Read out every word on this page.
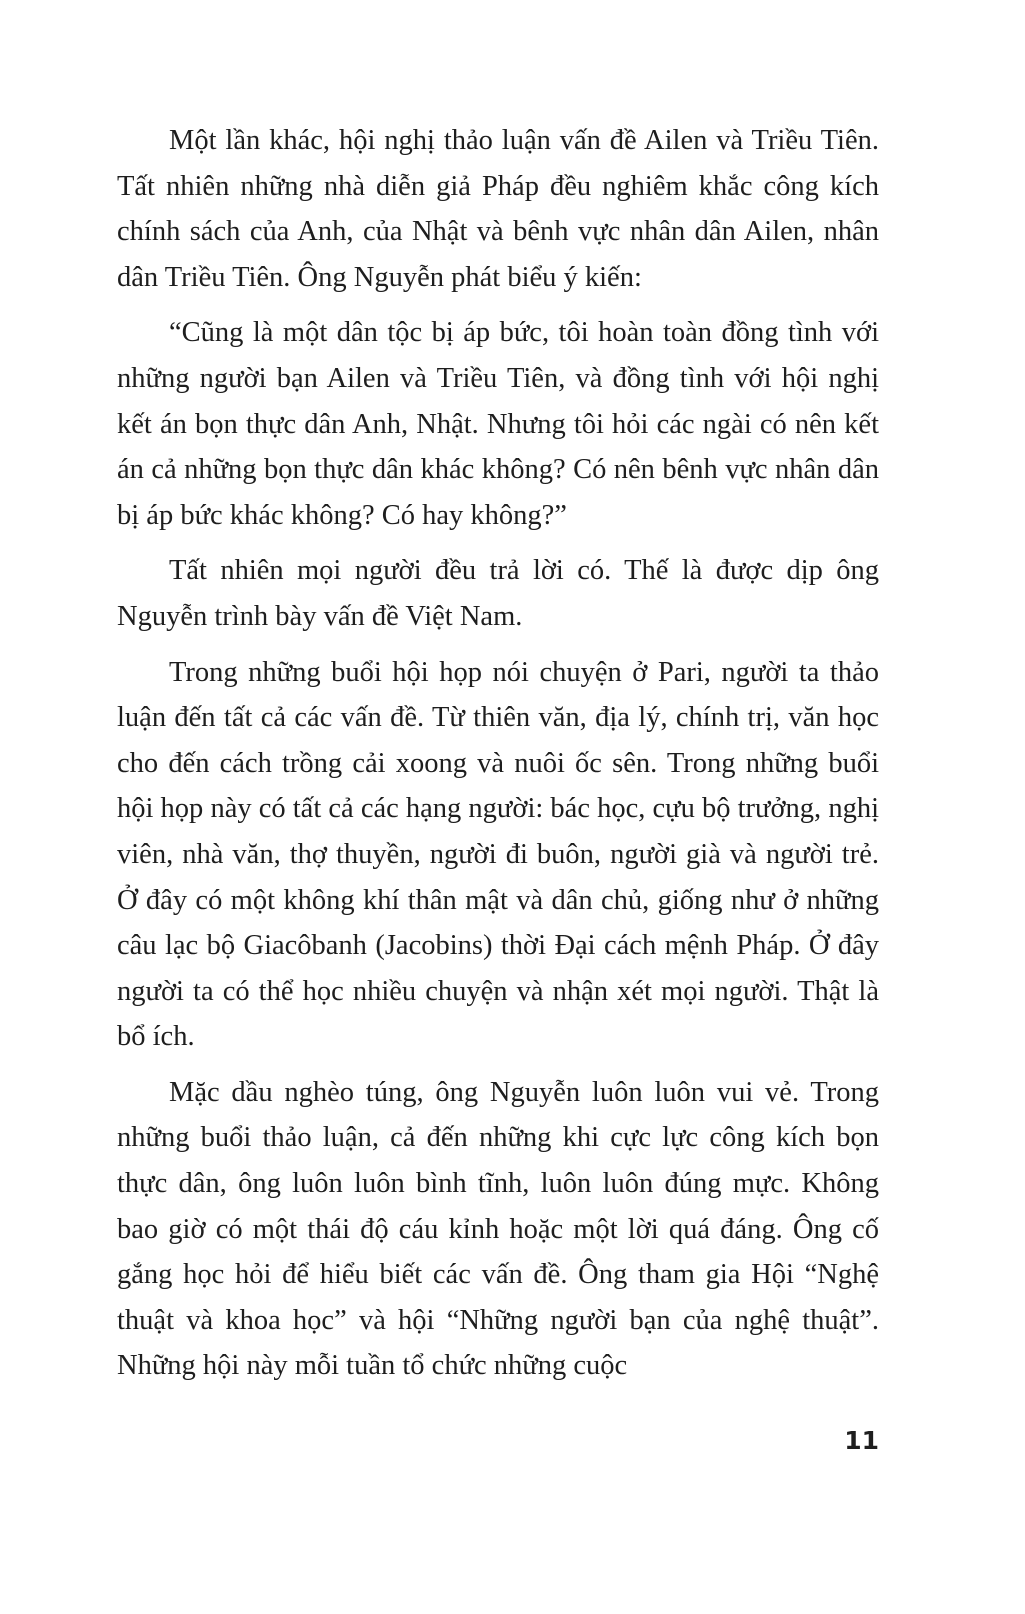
Một lần khác, hội nghị thảo luận vấn đề Ailen và Triều Tiên. Tất nhiên những nhà diễn giả Pháp đều nghiêm khắc công kích chính sách của Anh, của Nhật và bênh vực nhân dân Ailen, nhân dân Triều Tiên. Ông Nguyễn phát biểu ý kiến:

“Cũng là một dân tộc bị áp bức, tôi hoàn toàn đồng tình với những người bạn Ailen và Triều Tiên, và đồng tình với hội nghị kết án bọn thực dân Anh, Nhật. Nhưng tôi hỏi các ngài có nên kết án cả những bọn thực dân khác không? Có nên bênh vực nhân dân bị áp bức khác không? Có hay không?”

Tất nhiên mọi người đều trả lời có. Thế là được dịp ông Nguyễn trình bày vấn đề Việt Nam.

Trong những buổi hội họp nói chuyện ở Pari, người ta thảo luận đến tất cả các vấn đề. Từ thiên văn, địa lý, chính trị, văn học cho đến cách trồng cải xoong và nuôi ốc sên. Trong những buổi hội họp này có tất cả các hạng người: bác học, cựu bộ trưởng, nghị viên, nhà văn, thợ thuyền, người đi buôn, người già và người trẻ. Ở đây có một không khí thân mật và dân chủ, giống như ở những câu lạc bộ Giacôbanh (Jacobins) thời Đại cách mệnh Pháp. Ở đây người ta có thể học nhiều chuyện và nhận xét mọi người. Thật là bổ ích.

Mặc dầu nghèo túng, ông Nguyễn luôn luôn vui vẻ. Trong những buổi thảo luận, cả đến những khi cực lực công kích bọn thực dân, ông luôn luôn bình tĩnh, luôn luôn đúng mực. Không bao giờ có một thái độ cáu kỉnh hoặc một lời quá đáng. Ông cố gắng học hỏi để hiểu biết các vấn đề. Ông tham gia Hội “Nghệ thuật và khoa học” và hội “Những người bạn của nghệ thuật”. Những hội này mỗi tuần tổ chức những cuộc

11
